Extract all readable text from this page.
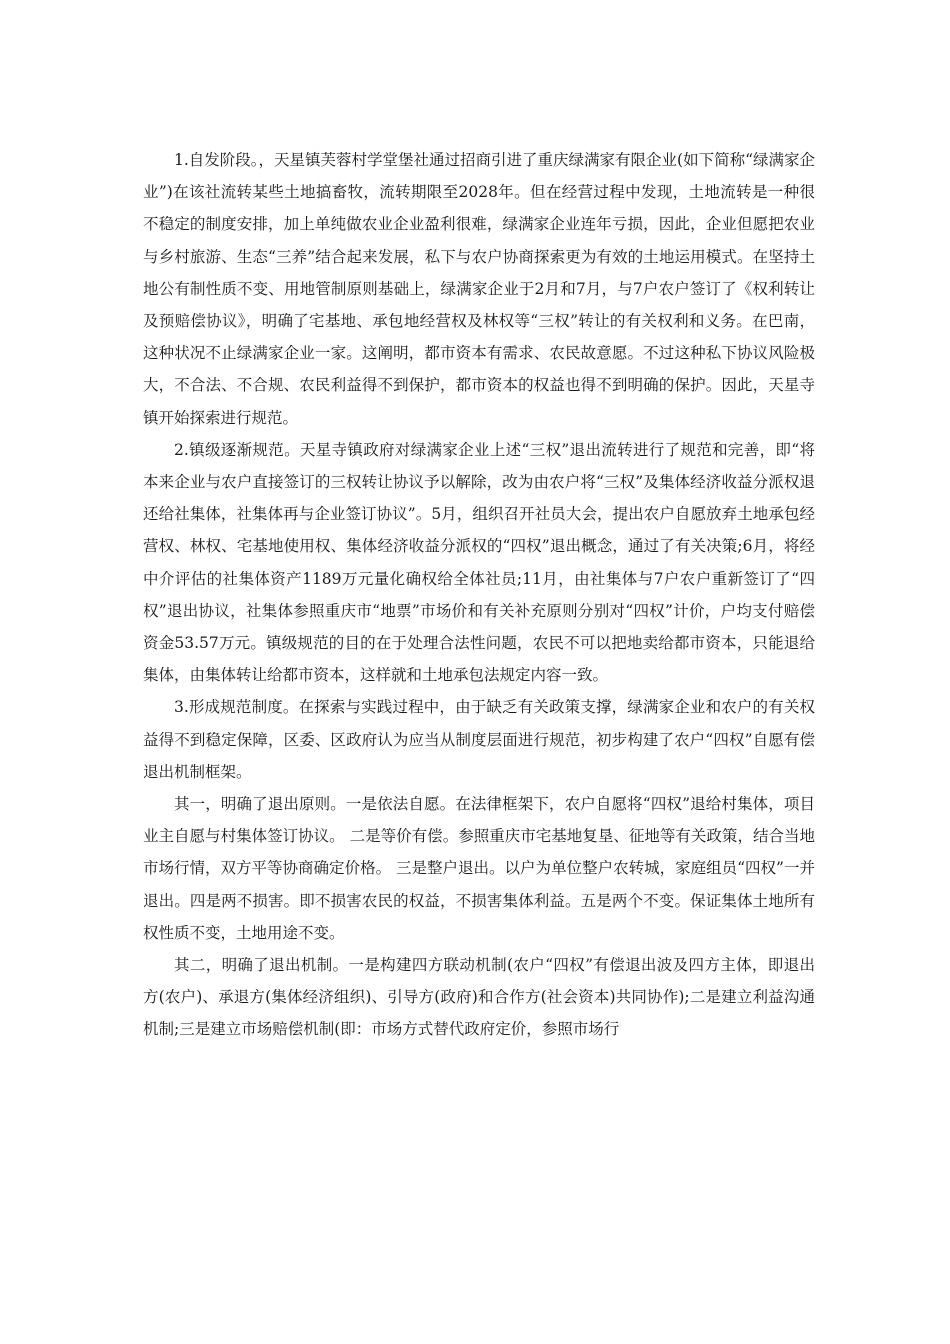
1.自发阶段。，天星镇芙蓉村学堂堡社通过招商引进了重庆绿满家有限企业(如下简称“绿满家企业”)在该社流转某些土地搞畜牧，流转期限至2028年。但在经营过程中发现，土地流转是一种很不稳定的制度安排，加上单纯做农业企业盈利很难，绿满家企业连年亏损，因此，企业但愿把农业与乡村旅游、生态“三养”结合起来发展，私下与农户协商探索更为有效的土地运用模式。在坚持土地公有制性质不变、用地管制原则基础上，绿满家企业于2月和7月，与7户农户签订了《权利转让及预赔偿协议》，明确了宅基地、承包地经营权及林权等“三权”转让的有关权利和义务。在巴南，这种状况不止绿满家企业一家。这阐明，都市资本有需求、农民故意愿。不过这种私下协议风险极大，不合法、不合规、农民利益得不到保护，都市资本的权益也得不到明确的保护。因此，天星寺镇开始探索进行规范。

2.镇级逐渐规范。天星寺镇政府对绿满家企业上述“三权”退出流转进行了规范和完善，即“将本来企业与农户直接签订的三权转让协议予以解除，改为由农户将“三权”及集体经济收益分派权退还给社集体，社集体再与企业签订协议”。5月，组织召开社员大会，提出农户自愿放弃土地承包经营权、林权、宅基地使用权、集体经济收益分派权的“四权”退出概念，通过了有关决策;6月，将经中介评估的社集体资产1189万元量化确权给全体社员;11月，由社集体与7户农户重新签订了“四权”退出协议，社集体参照重庆市“地票”市场价和有关补充原则分别对“四权”计价，户均支付赔偿资金53.57万元。镇级规范的目的在于处理合法性问题，农民不可以把地卖给都市资本，只能退给集体，由集体转让给都市资本，这样就和土地承包法规定内容一致。

3.形成规范制度。在探索与实践过程中，由于缺乏有关政策支撑，绿满家企业和农户的有关权益得不到稳定保障，区委、区政府认为应当从制度层面进行规范，初步构建了农户“四权”自愿有偿退出机制框架。

其一，明确了退出原则。一是依法自愿。在法律框架下，农户自愿将“四权”退给村集体，项目业主自愿与村集体签订协议。 二是等价有偿。参照重庆市宅基地复垦、征地等有关政策，结合当地市场行情，双方平等协商确定价格。 三是整户退出。以户为单位整户农转城，家庭组员“四权”一并退出。四是两不损害。即不损害农民的权益，不损害集体利益。五是两个不变。保证集体土地所有权性质不变，土地用途不变。

其二，明确了退出机制。一是构建四方联动机制(农户“四权”有偿退出波及四方主体，即退出方(农户)、承退方(集体经济组织)、引导方(政府)和合作方(社会资本)共同协作);二是建立利益沟通机制;三是建立市场赔偿机制(即：市场方式替代政府定价，参照市场行
